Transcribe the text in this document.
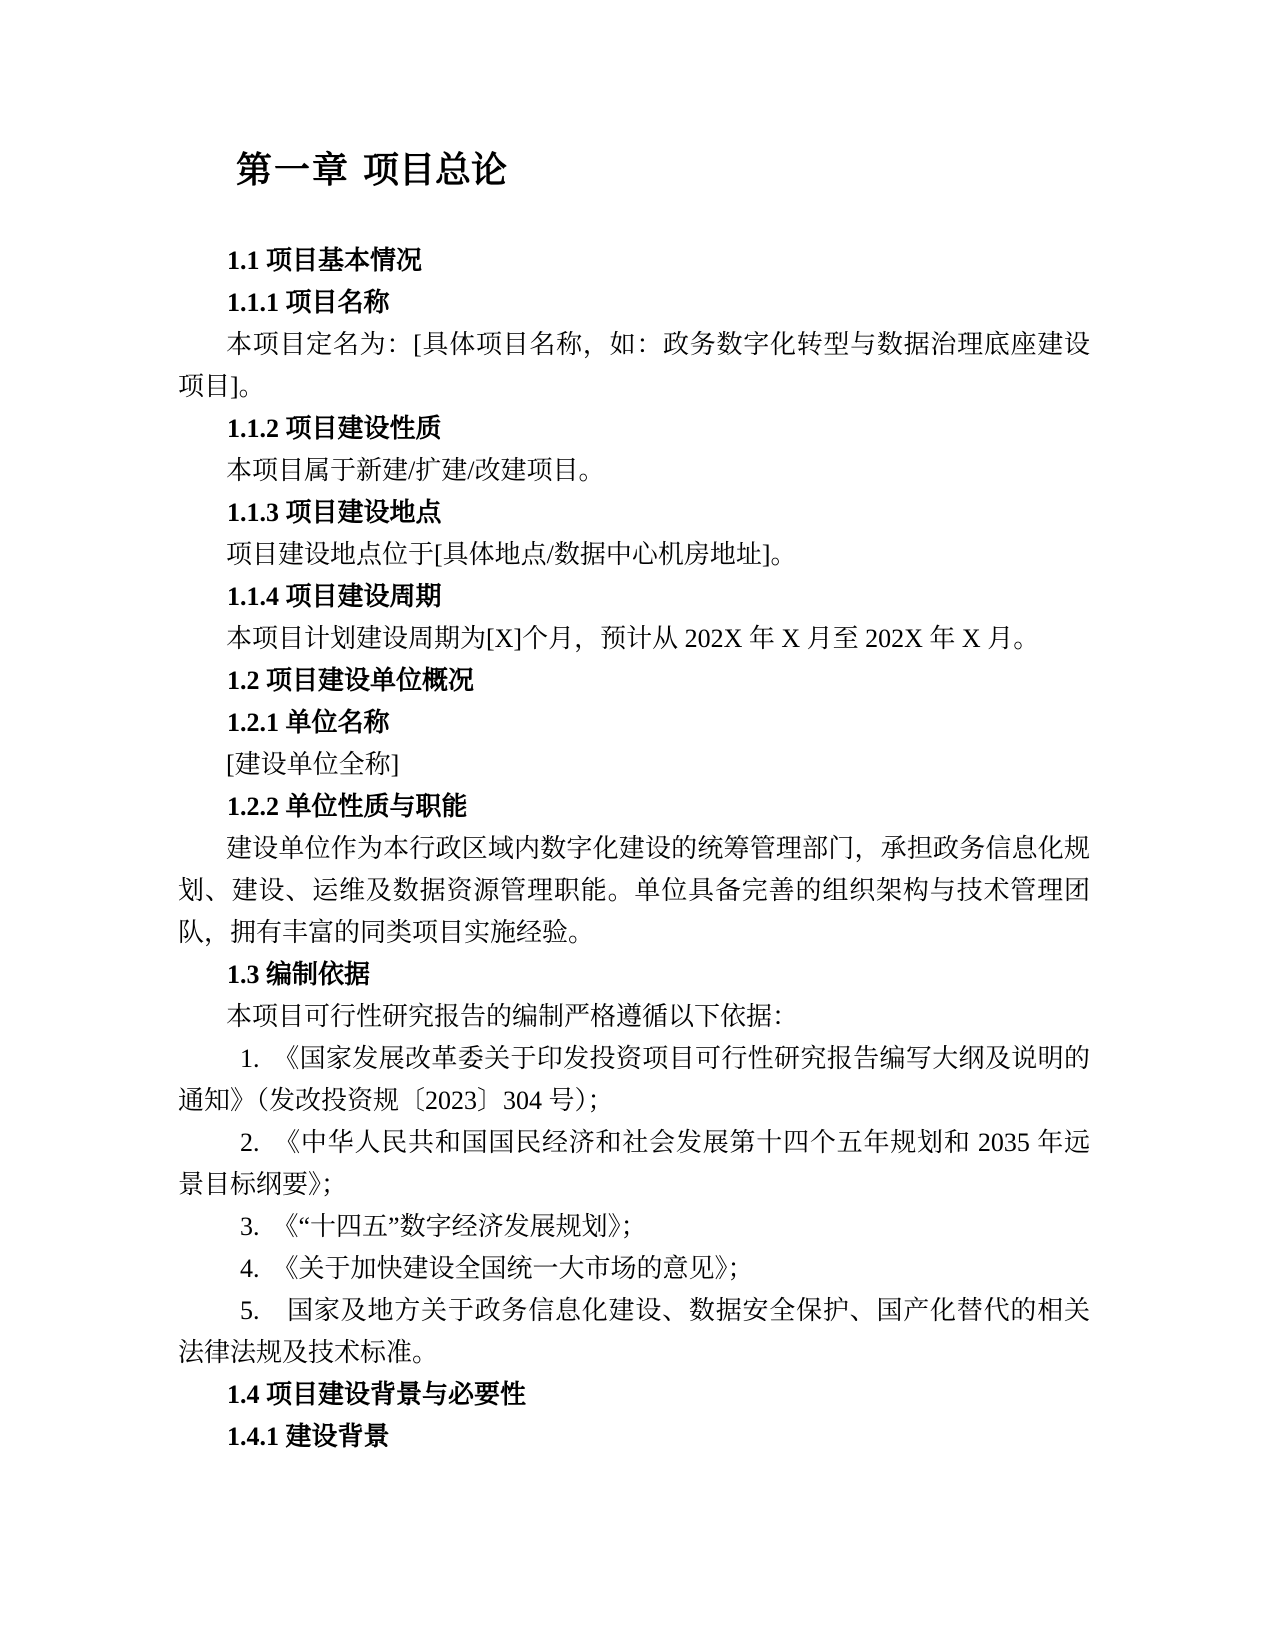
第一章 项目总论
1.1 项目基本情况
1.1.1 项目名称

本项目定名为：[具体项目名称，如：政务数字化转型与数据治理底座建设项目]。

1.1.2 项目建设性质

本项目属于新建/扩建/改建项目。

1.1.3 项目建设地点

项目建设地点位于[具体地点/数据中心机房地址]。

1.1.4 项目建设周期

本项目计划建设周期为[X]个月，预计从 202X 年 X 月至 202X 年 X 月。

1.2 项目建设单位概况
1.2.1 单位名称

[建设单位全称]

1.2.2 单位性质与职能

建设单位作为本行政区域内数字化建设的统筹管理部门，承担政务信息化规划、建设、运维及数据资源管理职能。单位具备完善的组织架构与技术管理团队，拥有丰富的同类项目实施经验。

1.3 编制依据

本项目可行性研究报告的编制严格遵循以下依据：

1.　《国家发展改革委关于印发投资项目可行性研究报告编写大纲及说明的通知》（发改投资规〔2023〕304 号）；

2.　《中华人民共和国国民经济和社会发展第十四个五年规划和 2035 年远景目标纲要》；

3.　《“十四五”数字经济发展规划》；

4.　《关于加快建设全国统一大市场的意见》；

5.　国家及地方关于政务信息化建设、数据安全保护、国产化替代的相关法律法规及技术标准。

1.4 项目建设背景与必要性
1.4.1 建设背景
